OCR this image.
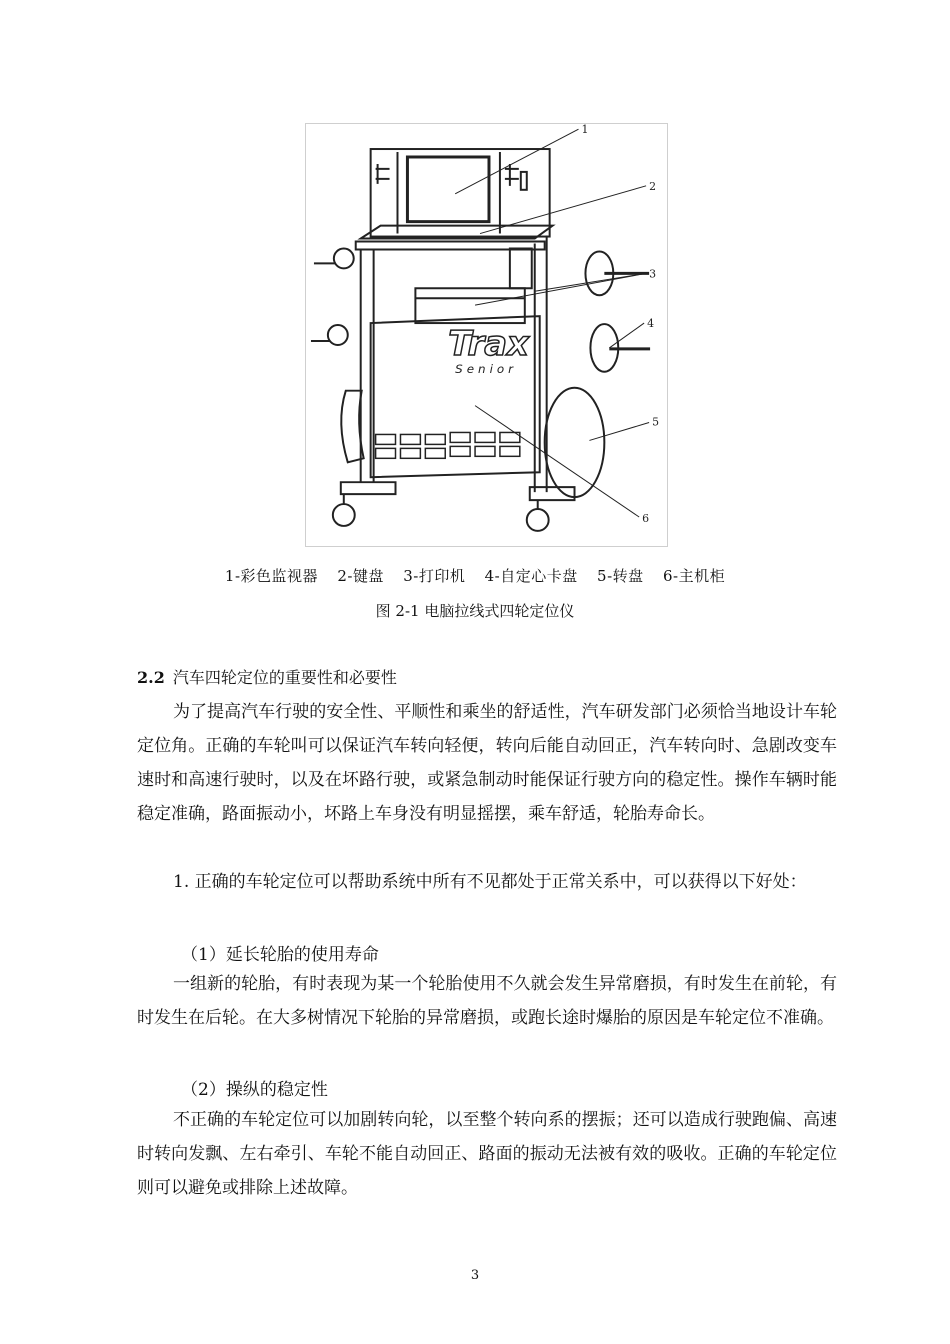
Trax
Senior
1
2
3
4
5
6
1-彩色监视器 2-键盘 3-打印机 4-自定心卡盘 5-转盘 6-主机柜
图 2-1 电脑拉线式四轮定位仪
2.2 汽车四轮定位的重要性和必要性

为了提高汽车行驶的安全性、平顺性和乘坐的舒适性，汽车研发部门必须恰当地设计车轮定位角。正确的车轮叫可以保证汽车转向轻便，转向后能自动回正，汽车转向时、急剧改变车速时和高速行驶时，以及在坏路行驶，或紧急制动时能保证行驶方向的稳定性。操作车辆时能稳定准确，路面振动小，坏路上车身没有明显摇摆，乘车舒适，轮胎寿命长。

1. 正确的车轮定位可以帮助系统中所有不见都处于正常关系中，可以获得以下好处：

（1）延长轮胎的使用寿命

一组新的轮胎，有时表现为某一个轮胎使用不久就会发生异常磨损，有时发生在前轮，有时发生在后轮。在大多树情况下轮胎的异常磨损，或跑长途时爆胎的原因是车轮定位不准确。

（2）操纵的稳定性

不正确的车轮定位可以加剧转向轮，以至整个转向系的摆振；还可以造成行驶跑偏、高速时转向发飘、左右牵引、车轮不能自动回正、路面的振动无法被有效的吸收。正确的车轮定位则可以避免或排除上述故障。

3
